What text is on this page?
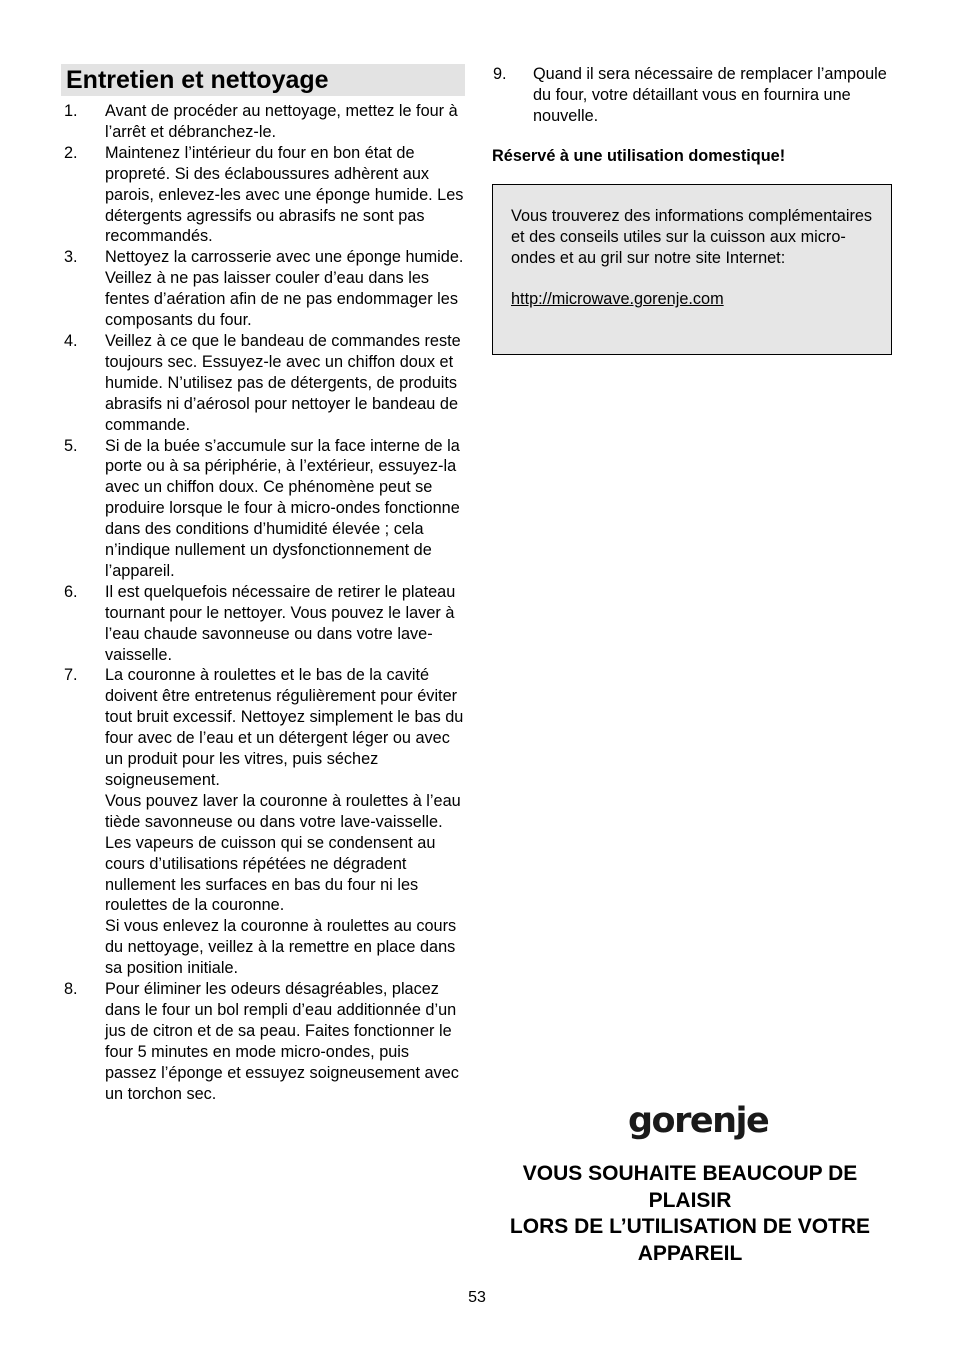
Entretien et nettoyage
1. Avant de procéder au nettoyage, mettez le four à l’arrêt et débranchez-le.
2. Maintenez l’intérieur du four en bon état de propreté. Si des éclaboussures adhèrent aux parois, enlevez-les avec une éponge humide. Les détergents agressifs ou abrasifs ne sont pas recommandés.
3. Nettoyez la carrosserie avec une éponge humide. Veillez à ne pas laisser couler d’eau dans les fentes d’aération afin de ne pas endommager les composants du four.
4. Veillez à ce que le bandeau de commandes reste toujours sec. Essuyez-le avec un chiffon doux et humide. N’utilisez pas de détergents, de produits abrasifs ni d’aérosol pour nettoyer le bandeau de commande.
5. Si de la buée s’accumule sur la face interne de la porte ou à sa périphérie, à l’extérieur, essuyez-la avec un chiffon doux. Ce phénomène peut se produire lorsque le four à micro-ondes fonctionne dans des conditions d’humidité élevée ; cela n’indique nullement un dysfonctionnement de l’appareil.
6. Il est quelquefois nécessaire de retirer le plateau tournant pour le nettoyer. Vous pouvez le laver à l’eau chaude savonneuse ou dans votre lave-vaisselle.
7. La couronne à roulettes et le bas de la cavité doivent être entretenus régulièrement pour éviter tout bruit excessif. Nettoyez simplement le bas du four avec de l’eau et un détergent léger ou avec un produit pour les vitres, puis séchez soigneusement.
Vous pouvez laver la couronne à roulettes à l’eau tiède savonneuse ou dans votre lave-vaisselle. Les vapeurs de cuisson qui se condensent au cours d’utilisations répétées ne dégradent nullement les surfaces en bas du four ni les roulettes de la couronne.
Si vous enlevez la couronne à roulettes au cours du nettoyage, veillez à la remettre en place dans sa position initiale.
8. Pour éliminer les odeurs désagréables, placez dans le four un bol rempli d’eau additionnée d’un jus de citron et de sa peau. Faites fonctionner le four 5 minutes en mode micro-ondes, puis passez l’éponge et essuyez soigneusement avec un torchon sec.
9. Quand il sera nécessaire de remplacer l’ampoule du four, votre détaillant vous en fournira une nouvelle.
Réservé à une utilisation domestique!
Vous trouverez des informations complémentaires et des conseils utiles sur la cuisson aux micro-ondes et au gril sur notre site Internet:
http://microwave.gorenje.com
gorenje
VOUS SOUHAITE BEAUCOUP DE PLAISIR
LORS DE L’UTILISATION DE VOTRE APPAREIL
53
